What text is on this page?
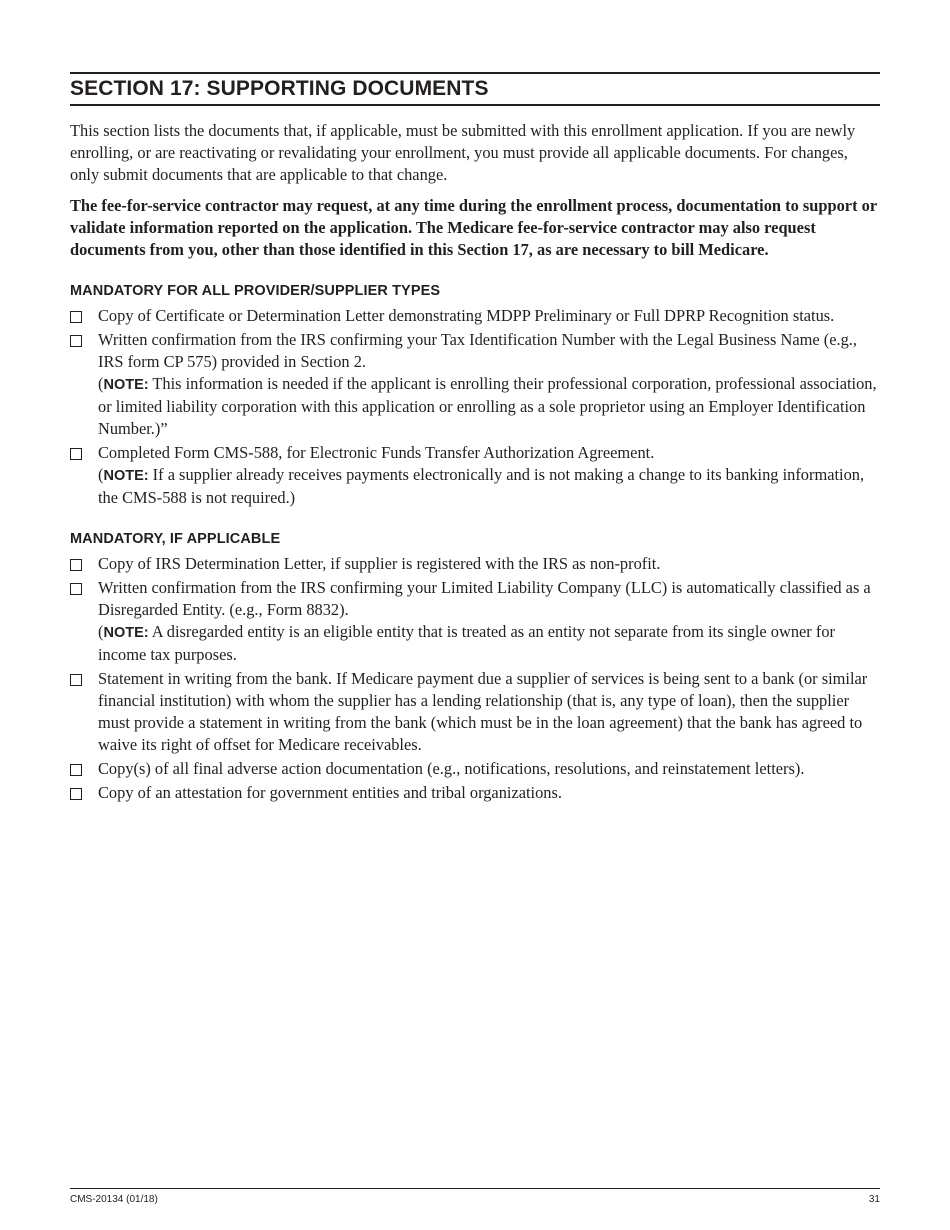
SECTION 17: SUPPORTING DOCUMENTS

This section lists the documents that, if applicable, must be submitted with this enrollment application. If you are newly enrolling, or are reactivating or revalidating your enrollment, you must provide all applicable documents. For changes, only submit documents that are applicable to that change.

The fee-for-service contractor may request, at any time during the enrollment process, documentation to support or validate information reported on the application. The Medicare fee-for-service contractor may also request documents from you, other than those identified in this Section 17, as are necessary to bill Medicare.

MANDATORY FOR ALL PROVIDER/SUPPLIER TYPES
Copy of Certificate or Determination Letter demonstrating MDPP Preliminary or Full DPRP Recognition status.
Written confirmation from the IRS confirming your Tax Identification Number with the Legal Business Name (e.g., IRS form CP 575) provided in Section 2.
(NOTE: This information is needed if the applicant is enrolling their professional corporation, professional association, or limited liability corporation with this application or enrolling as a sole proprietor using an Employer Identification Number.)”
Completed Form CMS-588, for Electronic Funds Transfer Authorization Agreement.
(NOTE: If a supplier already receives payments electronically and is not making a change to its banking information, the CMS-588 is not required.)
MANDATORY, IF APPLICABLE
Copy of IRS Determination Letter, if supplier is registered with the IRS as non-profit.
Written confirmation from the IRS confirming your Limited Liability Company (LLC) is automatically classified as a Disregarded Entity. (e.g., Form 8832).
(NOTE: A disregarded entity is an eligible entity that is treated as an entity not separate from its single owner for income tax purposes.
Statement in writing from the bank. If Medicare payment due a supplier of services is being sent to a bank (or similar financial institution) with whom the supplier has a lending relationship (that is, any type of loan), then the supplier must provide a statement in writing from the bank (which must be in the loan agreement) that the bank has agreed to waive its right of offset for Medicare receivables.
Copy(s) of all final adverse action documentation (e.g., notifications, resolutions, and reinstatement letters).
Copy of an attestation for government entities and tribal organizations.
CMS-20134 (01/18)	31
